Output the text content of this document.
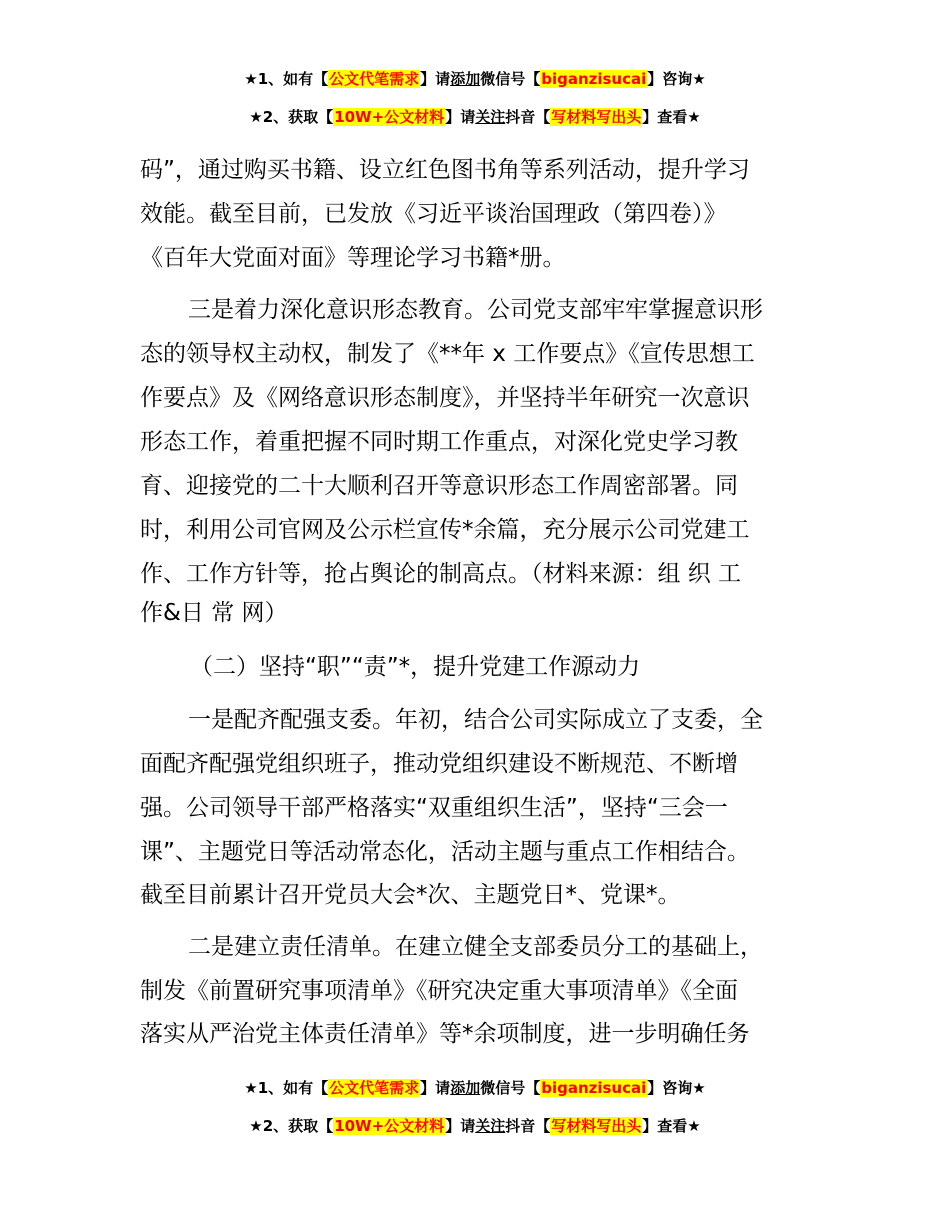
★1、如有【公文代笔需求】请添加微信号【biganzisucai】咨询★
★2、获取【10W+公文材料】请关注抖音【写材料写出头】查看★
码”，通过购买书籍、设立红色图书角等系列活动，提升学习
效能。截至目前，已发放《习近平谈治国理政（第四卷）》
《百年大党面对面》等理论学习书籍*册。
三是着力深化意识形态教育。公司党支部牢牢掌握意识形
态的领导权主动权，制发了《**年 x 工作要点》《宣传思想工
作要点》及《网络意识形态制度》，并坚持半年研究一次意识
形态工作，着重把握不同时期工作重点，对深化党史学习教
育、迎接党的二十大顺利召开等意识形态工作周密部署。同
时，利用公司官网及公示栏宣传*余篇，充分展示公司党建工
作、工作方针等，抢占舆论的制高点。（材料来源：组 织 工
作&日 常 网）
（二）坚持“职”“责”*，提升党建工作源动力
一是配齐配强支委。年初，结合公司实际成立了支委，全
面配齐配强党组织班子，推动党组织建设不断规范、不断增
强。公司领导干部严格落实“双重组织生活”，坚持“三会一
课”、主题党日等活动常态化，活动主题与重点工作相结合。
截至目前累计召开党员大会*次、主题党日*、党课*。
二是建立责任清单。在建立健全支部委员分工的基础上，
制发《前置研究事项清单》《研究决定重大事项清单》《全面
落实从严治党主体责任清单》等*余项制度，进一步明确任务
★1、如有【公文代笔需求】请添加微信号【biganzisucai】咨询★
★2、获取【10W+公文材料】请关注抖音【写材料写出头】查看★
